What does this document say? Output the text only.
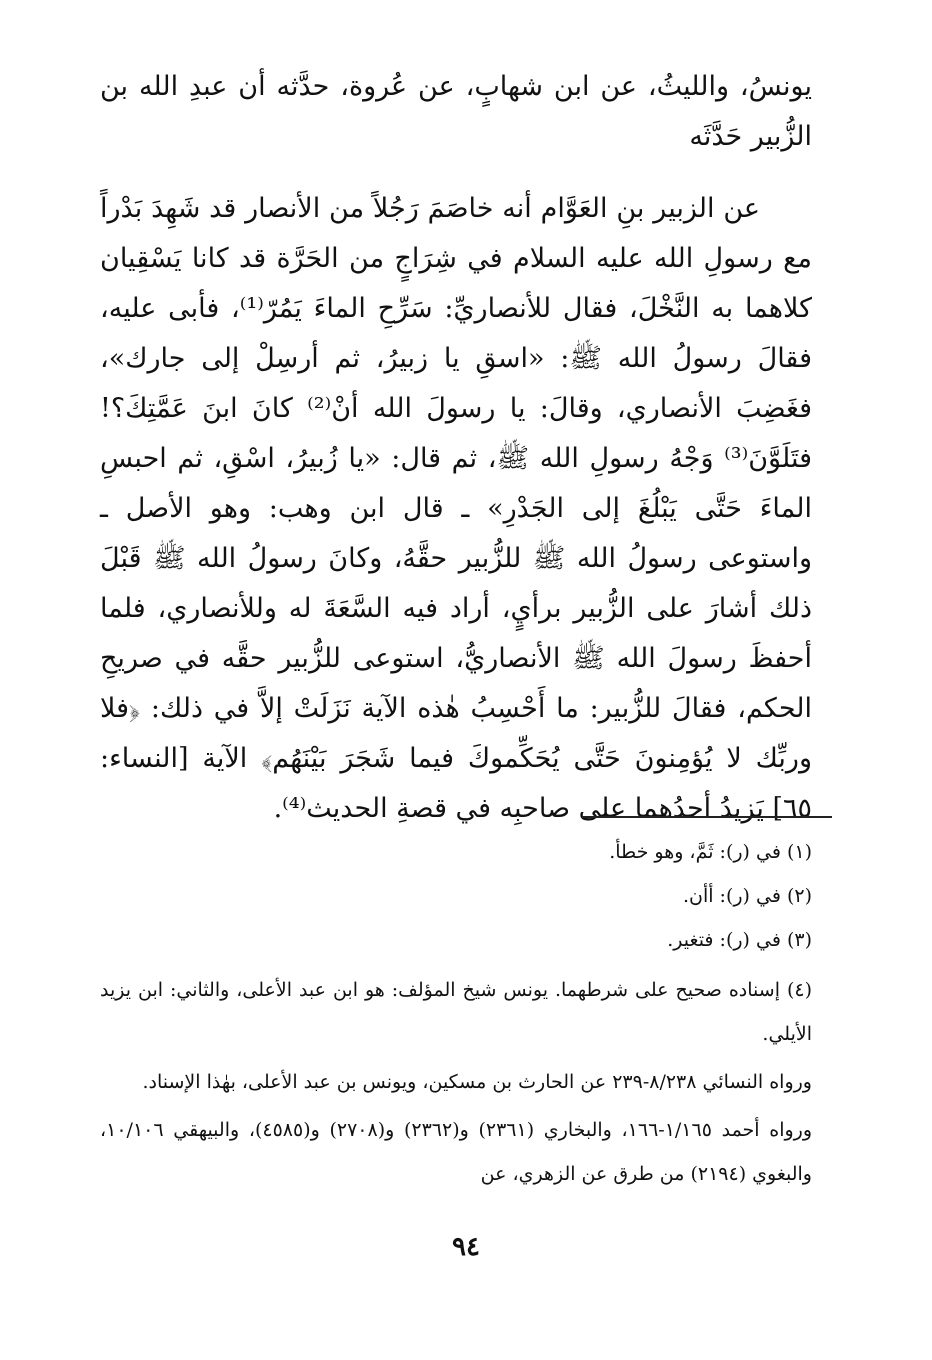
يونسُ، والليثُ، عن ابن شهابٍ، عن عُروة، حدَّثه أن عبدِ الله بن الزُّبير حَدَّثَه

عن الزبير بنِ العَوَّام أنه خاصَمَ رَجُلاً من الأنصار قد شَهِدَ بَدْراً مع رسولِ الله عليه السلام في شِرَاجٍ من الحَرَّة قد كانا يَسْقِيان كلاهما به النَّخْلَ، فقال للأنصاريِّ: سَرِّحِ الماءَ يَمُرّ⁽¹⁾، فأبى عليه، فقالَ رسولُ الله ﷺ: «اسقِ يا زبيرُ، ثم أرسِلْ إلى جارك»، فغَضِبَ الأنصاري، وقالَ: يا رسولَ الله أنْ⁽²⁾ كانَ ابنَ عَمَّتِكَ؟! فتَلَوَّنَ⁽³⁾ وَجْهُ رسولِ الله ﷺ، ثم قال: «يا زُبيرُ، اسْقِ، ثم احبسِ الماءَ حَتَّى يَبْلُغَ إلى الجَدْرِ» ـ قال ابن وهب: وهو الأصل ـ واستوعى رسولُ الله ﷺ للزُّبير حقَّهُ، وكانَ رسولُ الله ﷺ قَبْلَ ذلك أشارَ على الزُّبير برأيٍ، أراد فيه السَّعَةَ له وللأنصاري، فلما أحفظَ رسولَ الله ﷺ الأنصاريُّ، استوعى للزُّبير حقَّه في صريحِ الحكم، فقالَ للزُّبير: ما أَحْسِبُ هٰذه الآية نَزَلَتْ إلاَّ في ذلك: ﴿فلا وربِّك لا يُؤمِنونَ حَتَّى يُحَكِّموكَ فيما شَجَرَ بَيْنَهُم﴾ الآية [النساء: ٦٥] يَزيدُ أحدُهما على صاحبِه في قصةِ الحديث⁽⁴⁾.

(١) في (ر): ثَمَّ، وهو خطأ.

(٢) في (ر): أأن.

(٣) في (ر): فتغير.

(٤) إسناده صحيح على شرطهما. يونس شيخ المؤلف: هو ابن عبد الأعلى، والثاني: ابن يزيد الأيلي.

ورواه النسائي ٨/٢٣٨-٢٣٩ عن الحارث بن مسكين، ويونس بن عبد الأعلى، بهٰذا الإسناد.

ورواه أحمد ١/١٦٥-١٦٦، والبخاري (٢٣٦١) و(٢٣٦٢) و(٢٧٠٨) و(٤٥٨٥)، والبيهقي ١٠/١٠٦، والبغوي (٢١٩٤) من طرق عن الزهري، عن

٩٤
